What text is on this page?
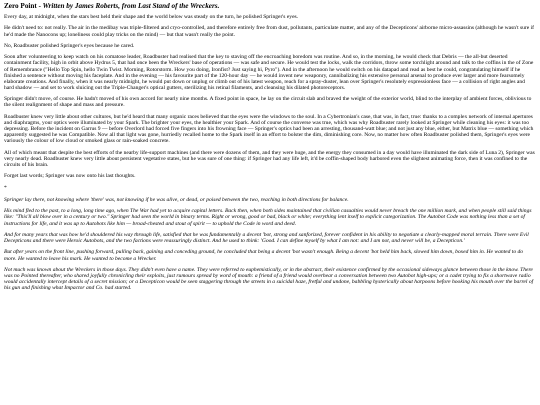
Zero Point - Written by James Roberts, from Last Stand of the Wreckers.

Every day, at midnight, when the stars best held their shape and the world below was steady on the turn, he polished Springer's eyes.

He didn't need to: not really. The air in the medibay was triple-filtered and cryo-controlled, and therefore entirely free from dust, pollutants, particulate matter, and any of the Decepticons' airborne micro-assassins (although he wasn't sure if he'd made the Nanocons up; loneliness could play tricks on the mind) — but that wasn't really the point.

No, Roadbuster polished Springer's eyes because he cared.

Soon after volunteering to keep watch on his comatose leader, Roadbuster had realised that the key to staving off the encroaching boredom was routine. And so, in the morning, he would check that Debris — the all-but deserted containment facility, high in orbit above Hydrus 5, that had once been the Wreckers' base of operations — was safe and secure. He would test the locks, walk the corridors, throw some torchlight around and talk to the coffins in the of Zone of Remembrance ("Hello Top Spin, hello Twin Twist. Morning, Rotorstorm. How you doing, Ironfist? Just saying hi, Pyro"). And in the afternoon he would switch on his datapad and read as best he could, congratulating himself if he finished a sentence without moving his faceplate. And in the evening — his favourite part of the 120-hour day — he would invent new weaponry, cannibalizing his extensive personal arsenal to produce ever larger and more fearsomely elaborate creations. And finally, when it was nearly midnight, he would put down or unplug or climb out of his latest weapon, reach for a spray-duster, lean over Springer's resolutely expressionless face — a collision of right angles and hard shadow — and set to work sluicing out the Triple-Changer's optical gutters, sterilizing his retinal filaments, and cleansing his dilated photoreceptors.

Springer didn't move, of course. He hadn't moved of his own accord for nearly nine months. A fixed point in space, he lay on the circuit slab and braved the weight of the exterior world, blind to the interplay of ambient forces, oblivious to the silent realignment of shape and mass and pressure.

Roadbuster knew very little about other cultures, but he'd heard that many organic races believed that the eyes were the windows to the soul. In a Cybertronian's case, that was, in fact, true: thanks to a complex network of internal apertures and diaphragms, your optics were illuminated by your Spark. The brighter your eyes, the healthier your Spark. And of course the converse was true, which was why Roadbuster rarely looked at Springer while cleaning his eyes: it was too depressing. Before the incident on Garrus 9 — before Overlord had forced five fingers into his frowning face — Springer's optics had been an arresting, thousand-watt blue; and not just any blue, either, but Matrix blue — something which apparently suggested he was Compatible. Now all that light was gone, hurriedly recalled home to the Spark itself in an effort to bolster the dim, diminishing core. Now, no matter how often Roadbuster polished them, Springer's eyes were variously the colour of low cloud or smoked glass or rain-soaked concrete.

All of which meant that despite the best efforts of the nearby life-support machines (and there were dozens of them, and they were huge, and the energy they consumed in a day would have illuminated the dark side of Luna 2), Springer was very nearly dead. Roadbuster knew very little about persistent vegetative states, but he was sure of one thing: if Springer had any life left, it'd be coffin-shaped body harbored even the slightest animating force, then it was confined to the circuits of his brain.

Forget last words; Springer was now onto his last thoughts.

*

Springer lay there, not knowing where 'there' was, not knowing if he was alive, or dead, or poised between the two, reaching in both directions for balance.

His mind fled to the past, to a long, long time ago, when The War had yet to acquire capital letters. Back then, when both sides maintained that civilian casualties would never breach the one million mark, and when people still said things like: "This'll all blow over in a century or two." Springer had seen the world in binary terms. Right or wrong, good or bad, black or white; everything lent itself to explicit categorization. The Autobot Code was nothing less than a set of instructions for life, and it was up to Autobots like him — broad-chested and stout of spirit — to uphold the Code in word and deed.

And for many years that was how he'd shouldered his way through life, satisfied that he was fundamentally a decent 'bot, strong and sanforized, forever confident in his ability to negotiate a clearly-mapped moral terrain. There were Evil Decepticons and there were Heroic Autobots, and the two factions were reassuringly distinct. And he used to think: 'Good. I can define myself by what I am not: and I am not, and never will be, a Decepticon.'

But after years on the front line, pushing forward, pulling back, gaining and conceding ground, he concluded that being a decent 'bot wasn't enough. Being a decent 'bot held him back, slowed him down, boxed him in. He wanted to do more. He wanted to leave his mark. He wanted to become a Wrecker.

Not much was known about the Wreckers in those days. They didn't even have a name. They were referred to euphemistically, or in the abstract, their existence confirmed by the occasional sideways glance between those in the know. There was no Pointed thereafter, who shared joyfully chronicling their exploits, just rumours spread by word of mouth: a friend of a friend would overhear a conversation between two Autobot high-ups; or a cadet trying to fix a shortwave radio would accidentally intercept details of a secret mission; or a Decepticon would be seen staggering through the streets in a suicidal haze, fretful and undone, babbling hysterically about harpoons before hooking his mouth over the barrel of his gun and finishing what Impactor and Co. had started.
